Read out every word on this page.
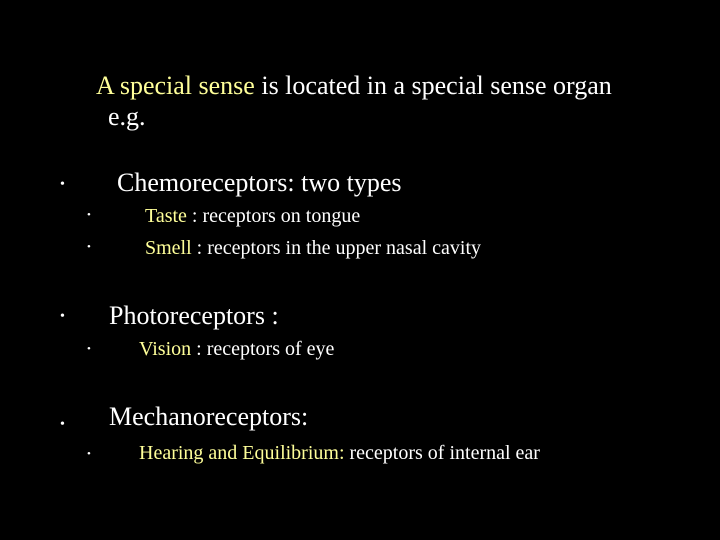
A special sense is located in a special sense organ
e.g.
• Chemoreceptors: two types
•	Taste : receptors on tongue
•	Smell : receptors in the upper nasal cavity
• Photoreceptors :
• Vision : receptors of eye
• Mechanoreceptors:
• Hearing and Equilibrium: receptors of internal ear
